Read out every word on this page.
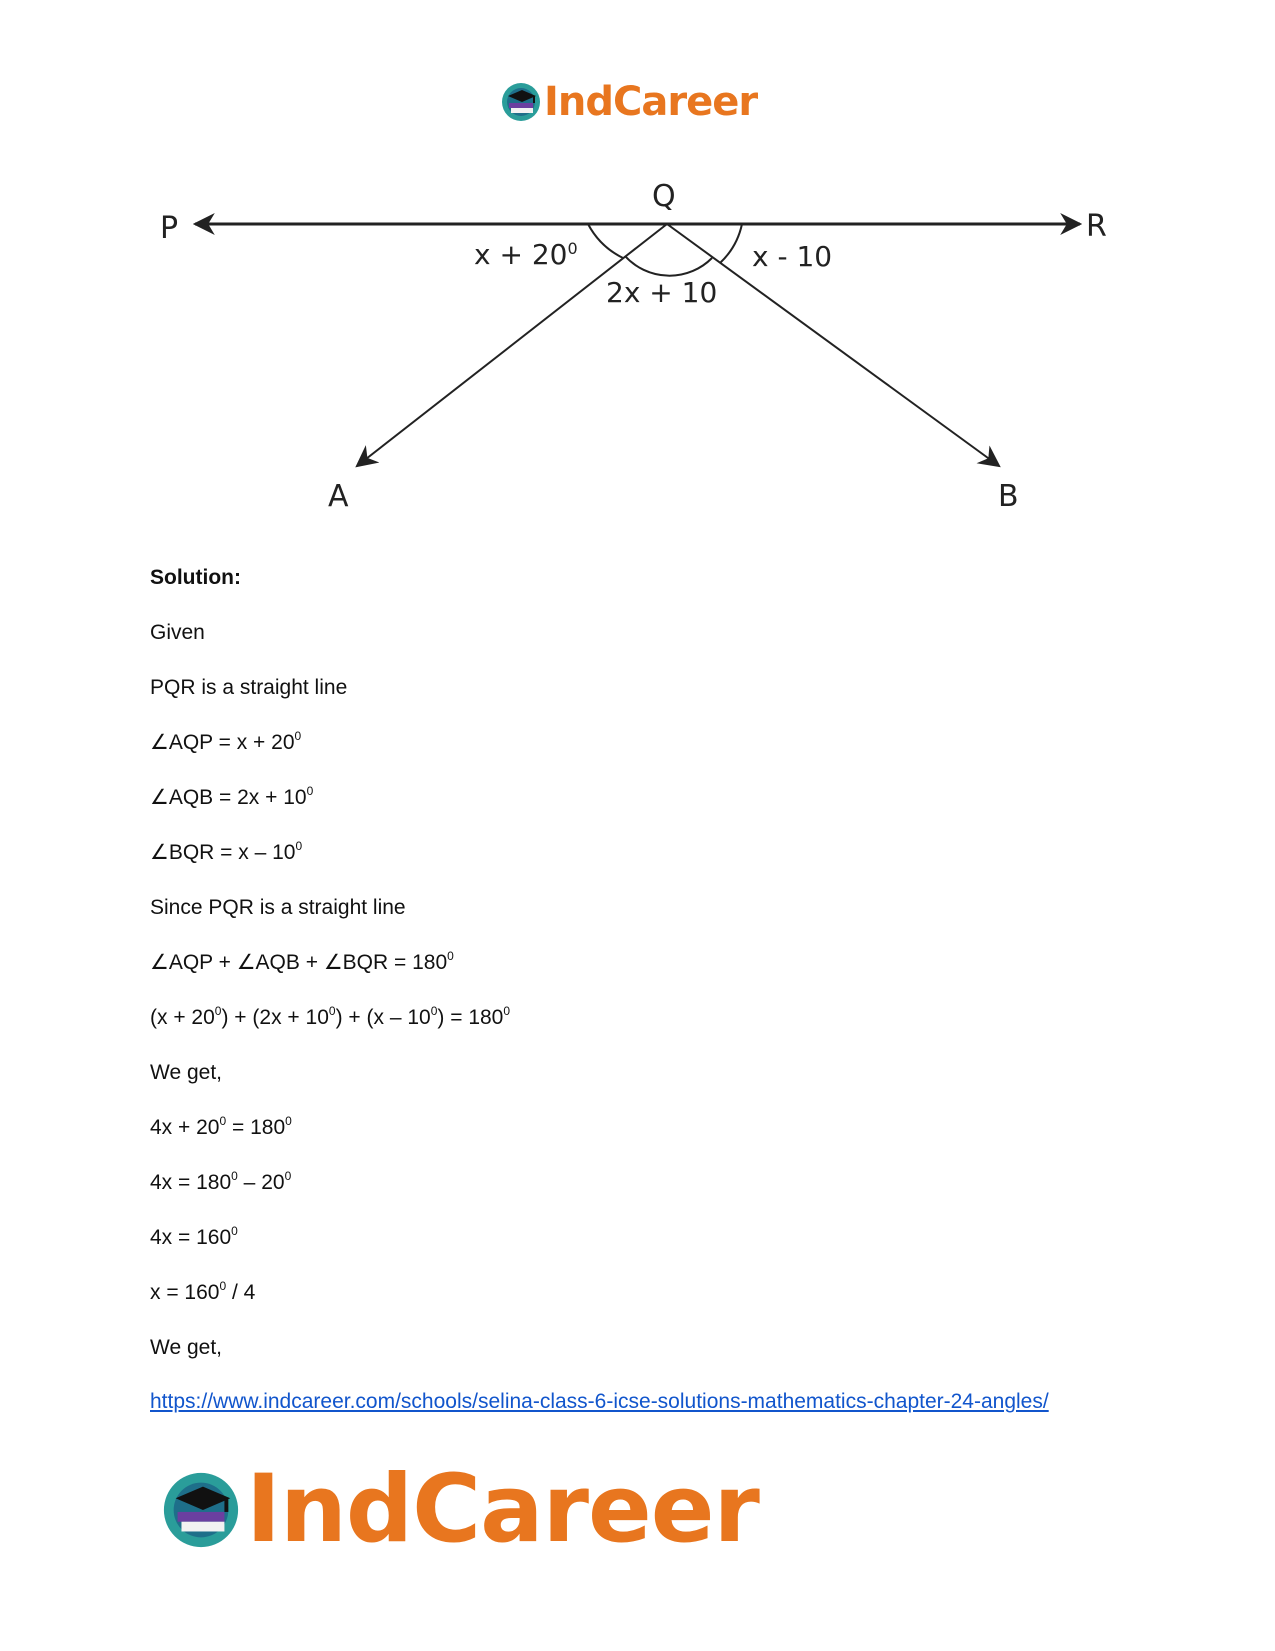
IndCareer
P
Q
R
A	B
$x + 20^0$
2x + 10
x - 10
Solution:
Given
PQR is a straight line
∠AQP = $x + 20^0$
∠AQB = $2x + 10^0$
∠BQR = x – $10^0$
Since PQR is a straight line
∠AQP + ∠AQB + ∠BQR = $180^0$
$(x + 20^0) + (2x + 10^0) + (x - 10^0) = 180^0$
We get,
$4x + 20^0 = 180^0$
$4x = 180^0 - 20^0$
$4x = 160^0$
$x = 160^0 / 4$
We get,
https://www.indcareer.com/schools/selina-class-6-icse-solutions-mathematics-chapter-24-angles/
IndCareer
